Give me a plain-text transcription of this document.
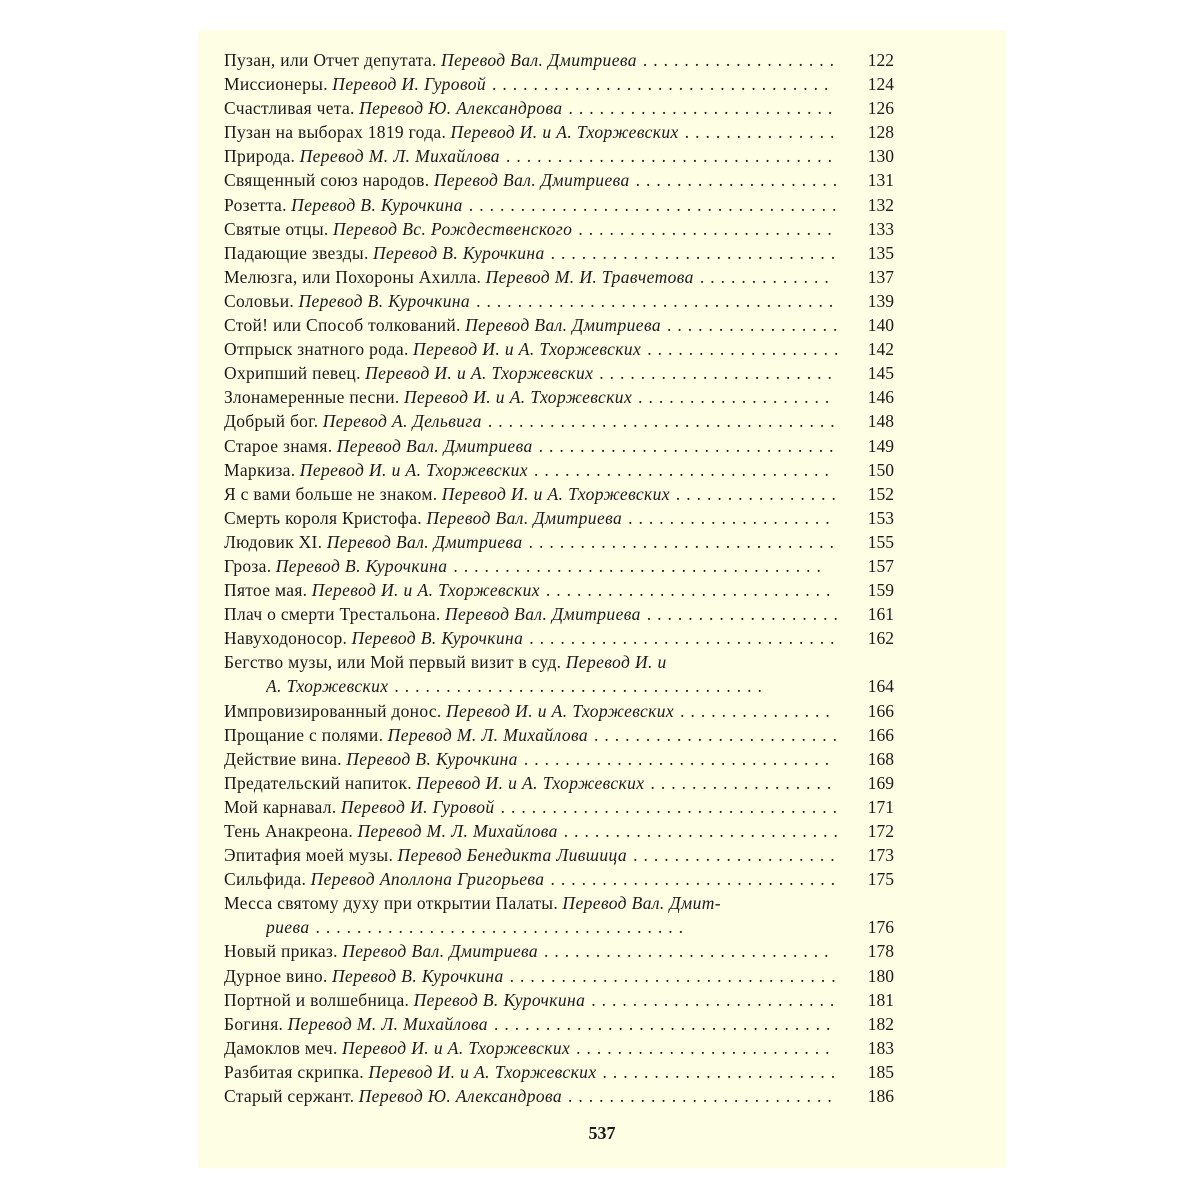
Пузан, или Отчет депутата. Перевод Вал. Дмитриева ...................	122
Миссионеры. Перевод И. Гуровой .................................	124
Счастливая чета. Перевод Ю. Александрова ..........................	126
Пузан на выборах 1819 года. Перевод И. и А. Тхоржевских ...............	128
Природа. Перевод М. Л. Михайлова ................................	130
Священный союз народов. Перевод Вал. Дмитриева ....................	131
Розетта. Перевод В. Курочкина ....................................	132
Святые отцы. Перевод Вс. Рождественского .........................	133
Падающие звезды. Перевод В. Курочкина ............................	135
Мелюзга, или Похороны Ахилла. Перевод М. И. Травчетова .............	137
Соловьи. Перевод В. Курочкина ...................................	139
Стой! или Способ толкований. Перевод Вал. Дмитриева .................	140
Отпрыск знатного рода. Перевод И. и А. Тхоржевских ...................	142
Охрипший певец. Перевод И. и А. Тхоржевских .......................	145
Злонамеренные песни. Перевод И. и А. Тхоржевских ...................	146
Добрый бог. Перевод А. Дельвига ..................................	148
Старое знамя. Перевод Вал. Дмитриева .............................	149
Маркиза. Перевод И. и А. Тхоржевских .............................	150
Я с вами больше не знаком. Перевод И. и А. Тхоржевских ................	152
Смерть короля Кристофа. Перевод Вал. Дмитриева ....................	153
Людовик XI. Перевод Вал. Дмитриева ..............................	155
Гроза. Перевод В. Курочкина ....................................	157
Пятое мая. Перевод И. и А. Тхоржевских ............................	159
Плач о смерти Трестальона. Перевод Вал. Дмитриева ...................	161
Навуходоносор. Перевод В. Курочкина ..............................	162
Бегство музы, или Мой первый визит в суд. Перевод И. и
А. Тхоржевских ....................................	164
Импровизированный донос. Перевод И. и А. Тхоржевских ...............	166
Прощание с полями. Перевод М. Л. Михайлова ........................	166
Действие вина. Перевод В. Курочкина ..............................	168
Предательский напиток. Перевод И. и А. Тхоржевских ..................	169
Мой карнавал. Перевод И. Гуровой .................................	171
Тень Анакреона. Перевод М. Л. Михайлова ...........................	172
Эпитафия моей музы. Перевод Бенедикта Лившица ....................	173
Сильфида. Перевод Аполлона Григорьева ............................	175
Месса святому духу при открытии Палаты. Перевод Вал. Дмит-
риева ....................................	176
Новый приказ. Перевод Вал. Дмитриева ............................	178
Дурное вино. Перевод В. Курочкина ................................	180
Портной и волшебница. Перевод В. Курочкина ........................	181
Богиня. Перевод М. Л. Михайлова .................................	182
Дамоклов меч. Перевод И. и А. Тхоржевских .........................	183
Разбитая скрипка. Перевод И. и А. Тхоржевских .......................	185
Старый сержант. Перевод Ю. Александрова ..........................	186
537
